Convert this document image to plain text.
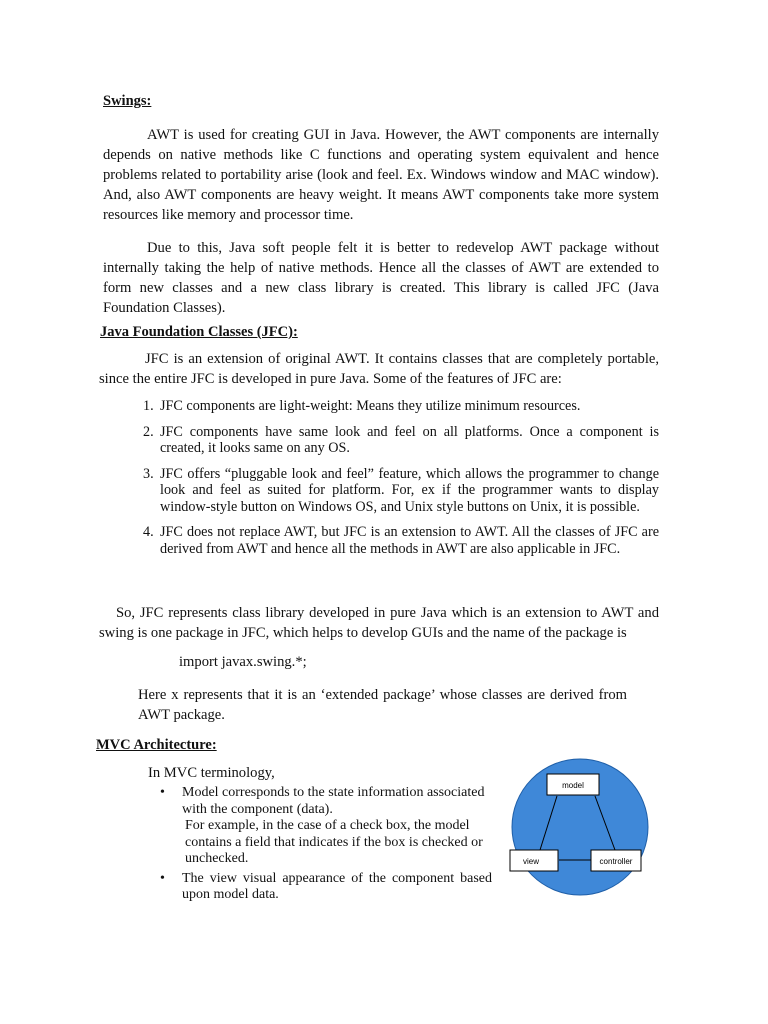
Swings:
AWT is used for creating GUI in Java. However, the AWT components are internally depends on native methods like C functions and operating system equivalent and hence problems related to portability arise (look and feel. Ex. Windows window and MAC window). And, also AWT components are heavy weight. It means AWT components take more system resources like memory and processor time.
Due to this, Java soft people felt it is better to redevelop AWT package without internally taking the help of native methods. Hence all the classes of AWT are extended to form new classes and a new class library is created. This library is called JFC (Java Foundation Classes).
Java Foundation Classes (JFC):
JFC is an extension of original AWT. It contains classes that are completely portable, since the entire JFC is developed in pure Java. Some of the features of JFC are:
1. JFC components are light-weight: Means they utilize minimum resources.
2. JFC components have same look and feel on all platforms. Once a component is created, it looks same on any OS.
3. JFC offers “pluggable look and feel” feature, which allows the programmer to change look and feel as suited for platform. For, ex if the programmer wants to display window-style button on Windows OS, and Unix style buttons on Unix, it is possible.
4. JFC does not replace AWT, but JFC is an extension to AWT. All the classes of JFC are derived from AWT and hence all the methods in AWT are also applicable in JFC.
So, JFC represents class library developed in pure Java which is an extension to AWT and swing is one package in JFC, which helps to develop GUIs and the name of the package is
import javax.swing.*;
Here x represents that it is an ‘extended package’ whose classes are derived from AWT package.
MVC Architecture:
In MVC terminology,
• Model corresponds to the state information associated with the component (data).
For example, in the case of a check box, the model contains a field that indicates if the box is checked or unchecked.
• The view visual appearance of the component based upon model data.
model
view	controller
